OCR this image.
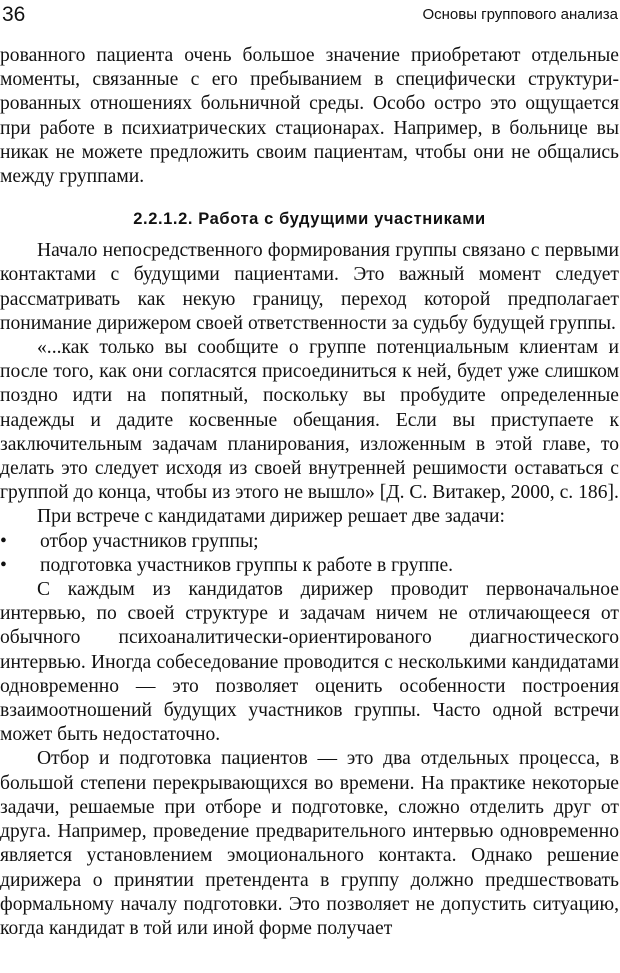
36	Основы группового анализа

рованного пациента очень большое значение приобретают отдельные моменты, связанные с его пребыванием в специфически структурированных отношениях больничной среды. Особо остро это ощущается при работе в психиатрических стационарах. Например, в больнице вы никак не можете предложить своим пациентам, чтобы они не общались между группами.

2.2.1.2. Работа с будущими участниками

Начало непосредственного формирования группы связано с первыми контактами с будущими пациентами. Это важный момент следует рассматривать как некую границу, переход которой предполагает понимание дирижером своей ответственности за судьбу будущей группы.

«...как только вы сообщите о группе потенциальным клиентам и после того, как они согласятся присоединиться к ней, будет уже слишком поздно идти на попятный, поскольку вы пробудите определенные надежды и дадите косвенные обещания. Если вы приступаете к заключительным задачам планирования, изложенным в этой главе, то делать это следует исходя из своей внутренней решимости оставаться с группой до конца, чтобы из этого не вышло» [Д. С. Витакер, 2000, с. 186].

При встрече с кандидатами дирижер решает две задачи:

• отбор участников группы;
• подготовка участников группы к работе в группе.

С каждым из кандидатов дирижер проводит первоначальное интервью, по своей структуре и задачам ничем не отличающееся от обычного психоаналитически-ориентированого диагностического интервью. Иногда собеседование проводится с несколькими кандидатами одновременно — это позволяет оценить особенности построения взаимоотношений будущих участников группы. Часто одной встречи может быть недостаточно.

Отбор и подготовка пациентов — это два отдельных процесса, в большой степени перекрывающихся во времени. На практике некоторые задачи, решаемые при отборе и подготовке, сложно отделить друг от друга. Например, проведение предварительного интервью одновременно является установлением эмоционального контакта. Однако решение дирижера о принятии претендента в группу должно предшествовать формальному началу подготовки. Это позволяет не допустить ситуацию, когда кандидат в той или иной форме получает
